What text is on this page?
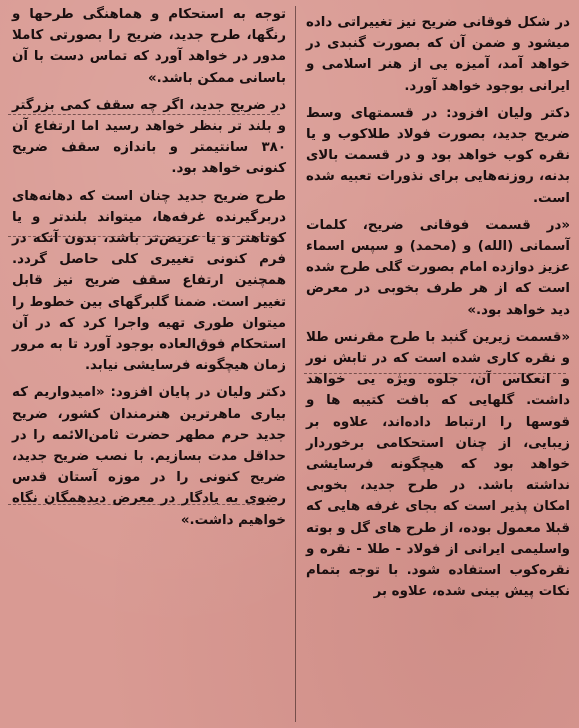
در شکل فوقانی ضریح نیز تغییراتی داده میشود و ضمن آن که بصورت گنبدی در خواهد آمد، آمیزه یی از هنر اسلامی و ایرانی بوجود خواهد آورد.

دکتر ولیان افزود: در قسمتهای وسط ضریح جدید، بصورت فولاد طلاکوب و یا نقره کوب خواهد بود و در قسمت بالای بدنه، روزنه‌هایی برای نذورات تعبیه شده است.

«در قسمت فوقانی ضریح، کلمات آسمانی (الله) و (محمد) و سپس اسماء عزیز دوازده امام بصورت گلی طرح شده است که از هر طرف بخوبی در معرض دید خواهد بود.»

«قسمت زیرین گنبد با طرح مقرنس طلا و نقره کاری شده است که در تابش نور و انعکاس آن، جلوه ویژه یی خواهد داشت. گلهایی که بافت کتیبه ها و قوسها را ارتباط داده‌اند، علاوه بر زیبایی، از چنان استحکامی برخوردار خواهد بود که هیچگونه فرسایشی نداشته باشد. در طرح جدید، بخوبی امکان پذیر است که بجای غرفه هایی که قبلا معمول بوده، از طرح های گل و بوته واسلیمی ایرانی از فولاد - طلا - نقره و نقره‌کوب استفاده شود. با توجه بتمام نکات پیش بینی شده، علاوه بر

توجه به استحکام و هماهنگی طرحها و رنگها، طرح جدید، ضریح را بصورتی کاملا مدور در خواهد آورد که تماس دست با آن باسانی ممکن باشد.»

در ضریح جدید، اگر چه سقف کمی بزرگتر و بلند تر بنظر خواهد رسید اما ارتفاع آن ۳۸۰ سانتیمتر و باندازه سقف ضریح کنونی خواهد بود.

طرح ضریح جدید چنان است که دهانه‌های دربرگیرنده غرفه‌ها، میتواند بلندتر و یا کوتاهتر و یا عریض‌تر باشد، بدون آنکه در فرم کنونی تغییری کلی حاصل گردد. همچنین ارتفاع سقف ضریح نیز قابل تغییر است. ضمنا گلبرگهای بین خطوط را میتوان طوری تهیه واجرا کرد که در آن استحکام فوق‌العاده بوجود آورد تا به مرور زمان هیچگونه فرسایشی نیابد.

دکتر ولیان در پایان افزود: «امیدواریم که بیاری ماهرترین هنرمندان کشور، ضریح جدید حرم مطهر حضرت ثامن‌الائمه را در حداقل مدت بسازیم. با نصب ضریح جدید، ضریح کنونی را در موزه آستان قدس رضوی به یادگار در معرض دیدهمگان نگاه خواهیم داشت.»
